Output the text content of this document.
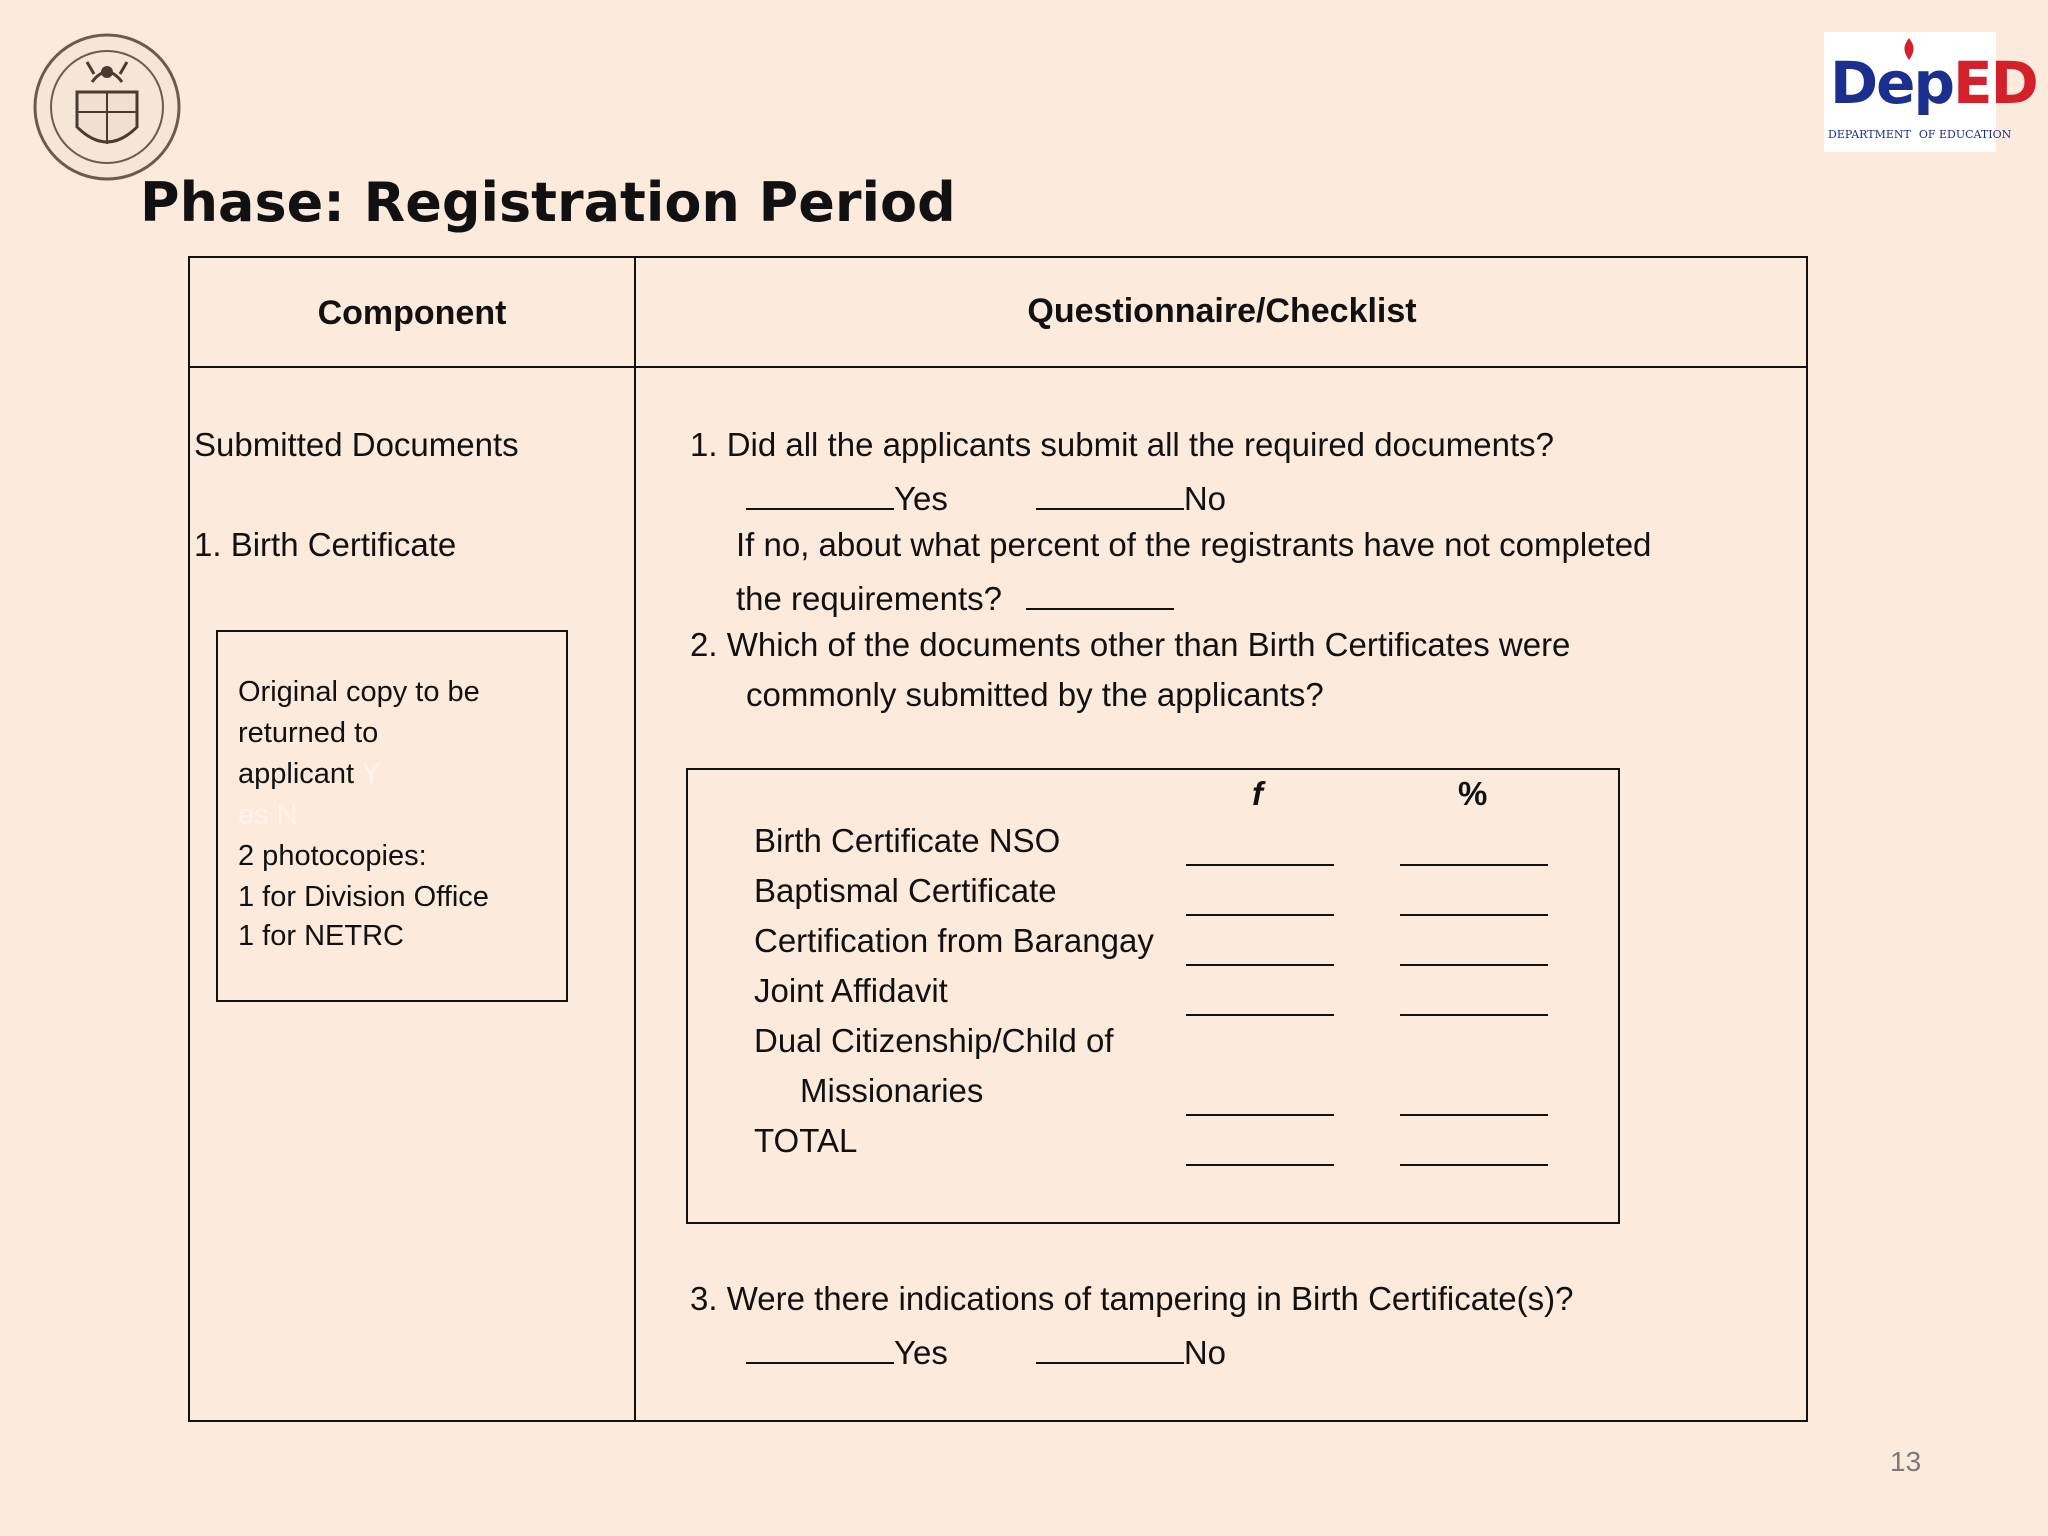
DepED
DEPARTMENT OF EDUCATION
Phase: Registration Period
Component	Questionnaire/Checklist
Submitted Documents
1. Birth Certificate
Original copy to be
returned to
applicant Y
es N
2 photocopies:
1 for Division Office
1 for NETRC
1. Did all the applicants submit all the required documents?
Yes	No
If no, about what percent of the registrants have not completed
the requirements?
2. Which of the documents other than Birth Certificates were
commonly submitted by the applicants?
f	%
Birth Certificate NSO
Baptismal Certificate
Certification from Barangay
Joint Affidavit
Dual Citizenship/Child of
Missionaries
TOTAL
3. Were there indications of tampering in Birth Certificate(s)?
Yes	No
13
